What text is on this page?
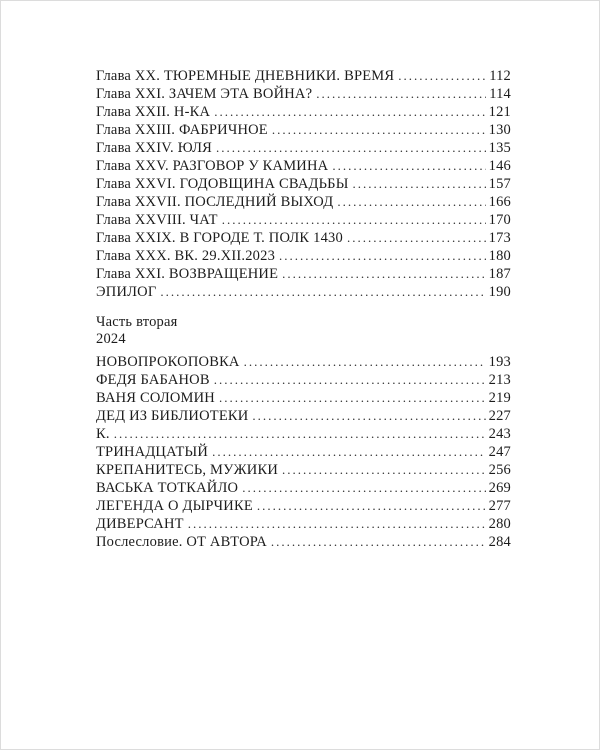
Глава XX. ТЮРЕМНЫЕ ДНЕВНИКИ. ВРЕМЯ .....	112
Глава XXI. ЗАЧЕМ ЭТА ВОЙНА? .....	114
Глава XXII. Н-КА .....	121
Глава XXIII. ФАБРИЧНОЕ .....	130
Глава XXIV. ЮЛЯ .....	135
Глава XXV. РАЗГОВОР У КАМИНА .....	146
Глава XXVI. ГОДОВЩИНА СВАДЬБЫ .....	157
Глава XXVII. ПОСЛЕДНИЙ ВЫХОД .....	166
Глава XXVIII. ЧАТ .....	170
Глава XXIX. В ГОРОДЕ Т. ПОЛК 1430 .....	173
Глава XXX. ВК. 29.XII.2023 .....	180
Глава XXI. ВОЗВРАЩЕНИЕ .....	187
ЭПИЛОГ .....	190
Часть вторая
2024
НОВОПРОКОПОВКА .....	193
ФЕДЯ БАБАНОВ .....	213
ВАНЯ СОЛОМИН .....	219
ДЕД ИЗ БИБЛИОТЕКИ .....	227
К. .....	243
ТРИНАДЦАТЫЙ .....	247
КРЕПАНИТЕСЬ, МУЖИКИ .....	256
ВАСЬКА ТОТКАЙЛО .....	269
ЛЕГЕНДА О ДЫРЧИКЕ .....	277
ДИВЕРСАНТ .....	280
Послесловие. ОТ АВТОРА .....	284
